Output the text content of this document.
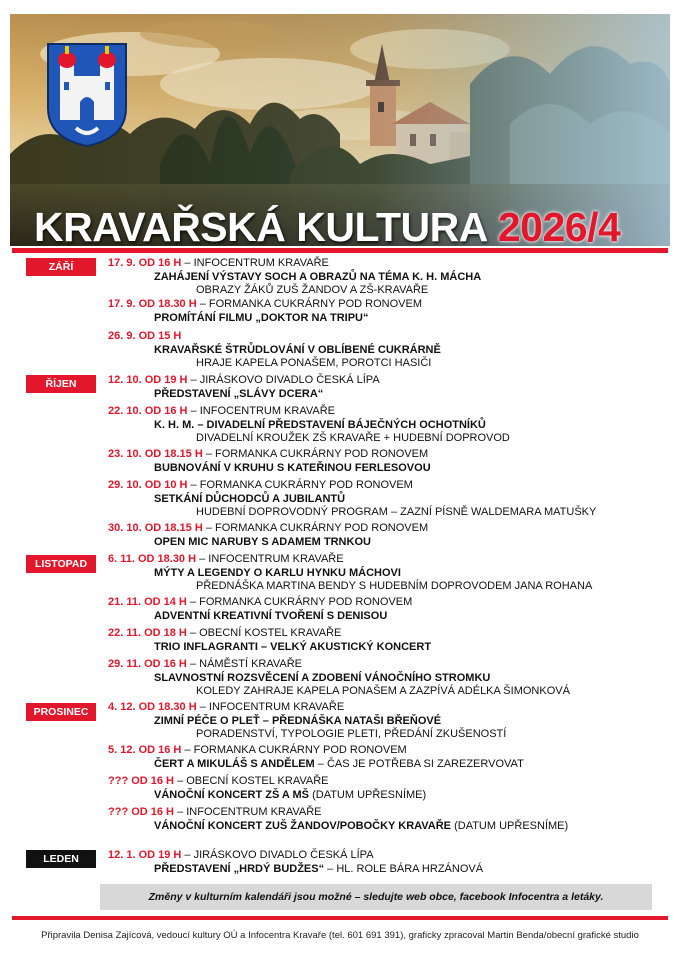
KRAVAŘSKÁ KULTURA 2026/4
ZÁŘÍ
ŘÍJEN
LISTOPAD
PROSINEC
LEDEN
17. 9. OD 16 H – INFOCENTRUM KRAVAŘE
ZAHÁJENÍ VÝSTAVY SOCH A OBRAZŮ NA TÉMA K. H. MÁCHA
OBRAZY ŽÁKŮ ZUŠ ŽANDOV A ZŠ-KRAVAŘE
17. 9. OD 18.30 H – FORMANKA CUKRÁRNY POD RONOVEM
PROMÍTÁNÍ FILMU „DOKTOR NA TRIPU“
26. 9. OD 15 H
KRAVAŘSKÉ ŠTRŮDLOVÁNÍ V OBLÍBENÉ CUKRÁRNĚ
HRAJE KAPELA PONAŠEM, POROTCI HASIČI
12. 10. OD 19 H – JIRÁSKOVO DIVADLO ČESKÁ LÍPA
PŘEDSTAVENÍ „SLÁVY DCERA“
22. 10. OD 16 H – INFOCENTRUM KRAVAŘE
K. H. M. – DIVADELNÍ PŘEDSTAVENÍ BÁJEČNÝCH OCHOTNÍKŮ
DIVADELNÍ KROUŽEK ZŠ KRAVAŘE + HUDEBNÍ DOPROVOD
23. 10. OD 18.15 H – FORMANKA CUKRÁRNY POD RONOVEM
BUBNOVÁNÍ V KRUHU S KATEŘINOU FERLESOVOU
29. 10. OD 10 H – FORMANKA CUKRÁRNY POD RONOVEM
SETKÁNÍ DŮCHODCŮ A JUBILANTŮ
HUDEBNÍ DOPROVODNÝ PROGRAM – ZAZNÍ PÍSNĚ WALDEMARA MATUŠKY
30. 10. OD 18.15 H – FORMANKA CUKRÁRNY POD RONOVEM
OPEN MIC NARUBY S ADAMEM TRNKOU
6. 11. OD 18.30 H – INFOCENTRUM KRAVAŘE
MÝTY A LEGENDY O KARLU HYNKU MÁCHOVI
PŘEDNÁŠKA MARTINA BENDY S HUDEBNÍM DOPROVODEM JANA ROHANA
21. 11. OD 14 H – FORMANKA CUKRÁRNY POD RONOVEM
ADVENTNÍ KREATIVNÍ TVOŘENÍ S DENISOU
22. 11. OD 18 H – OBECNÍ KOSTEL KRAVAŘE
TRIO INFLAGRANTI – VELKÝ AKUSTICKÝ KONCERT
29. 11. OD 16 H – NÁMĚSTÍ KRAVAŘE
SLAVNOSTNÍ ROZSVĚCENÍ A ZDOBENÍ VÁNOČNÍHO STROMKU
KOLEDY ZAHRAJE KAPELA PONAŠEM A ZAZPÍVÁ ADÉLKA ŠIMONKOVÁ
4. 12. OD 18.30 H – INFOCENTRUM KRAVAŘE
ZIMNÍ PÉČE O PLEŤ – PŘEDNÁŠKA NATAŠI BŘEŇOVÉ
PORADENSTVÍ, TYPOLOGIE PLETI, PŘEDÁNÍ ZKUŠENOSTÍ
5. 12. OD 16 H – FORMANKA CUKRÁRNY POD RONOVEM
ČERT A MIKULÁŠ S ANDĚLEM – ČAS JE POTŘEBA SI ZAREZERVOVAT
??? OD 16 H – OBECNÍ KOSTEL KRAVAŘE
VÁNOČNÍ KONCERT ZŠ A MŠ (DATUM UPŘESNÍME)
??? OD 16 H – INFOCENTRUM KRAVAŘE
VÁNOČNÍ KONCERT ZUŠ ŽANDOV/POBOČKY KRAVAŘE (DATUM UPŘESNÍME)
12. 1. OD 19 H – JIRÁSKOVO DIVADLO ČESKÁ LÍPA
PŘEDSTAVENÍ „HRDÝ BUDŽES“ – HL. ROLE BÁRA HRZÁNOVÁ
Změny v kulturním kalendáři jsou možné – sledujte web obce, facebook Infocentra a letáky.
Připravila Denisa Zajícová, vedoucí kultury OÚ a Infocentra Kravaře (tel. 601 691 391), graficky zpracoval Martin Benda/obecní grafické studio
